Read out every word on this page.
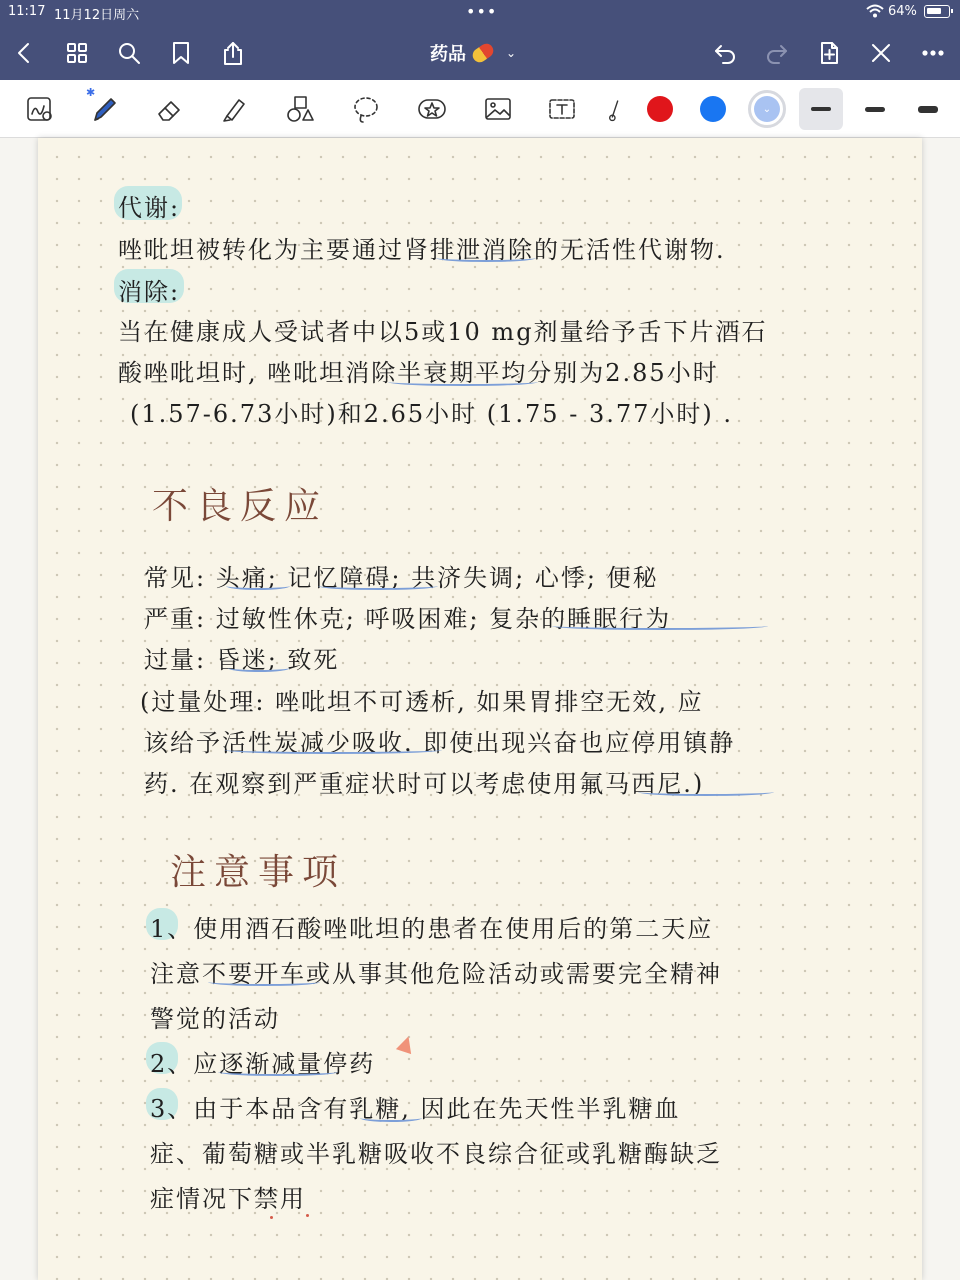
11:17 11月12日周六	•••	64%
药品	⌄
✱
⌄
代谢:
唑吡坦被转化为主要通过肾排泄消除的无活性代谢物.
消除:
当在健康成人受试者中以5或10 mg剂量给予舌下片酒石
酸唑吡坦时, 唑吡坦消除半衰期平均分别为2.85小时
(1.57-6.73小时)和2.65小时 (1.75 - 3.77小时) .
不良反应
常见: 头痛; 记忆障碍; 共济失调; 心悸; 便秘
严重: 过敏性休克; 呼吸困难; 复杂的睡眠行为
过量: 昏迷; 致死
(过量处理: 唑吡坦不可透析, 如果胃排空无效, 应
该给予活性炭减少吸收. 即使出现兴奋也应停用镇静
药. 在观察到严重症状时可以考虑使用氟马西尼.)
注意事项
1、使用酒石酸唑吡坦的患者在使用后的第二天应
注意不要开车或从事其他危险活动或需要完全精神
警觉的活动
2、应逐渐减量停药
3、由于本品含有乳糖, 因此在先天性半乳糖血
症、葡萄糖或半乳糖吸收不良综合征或乳糖酶缺乏
症情况下禁用
